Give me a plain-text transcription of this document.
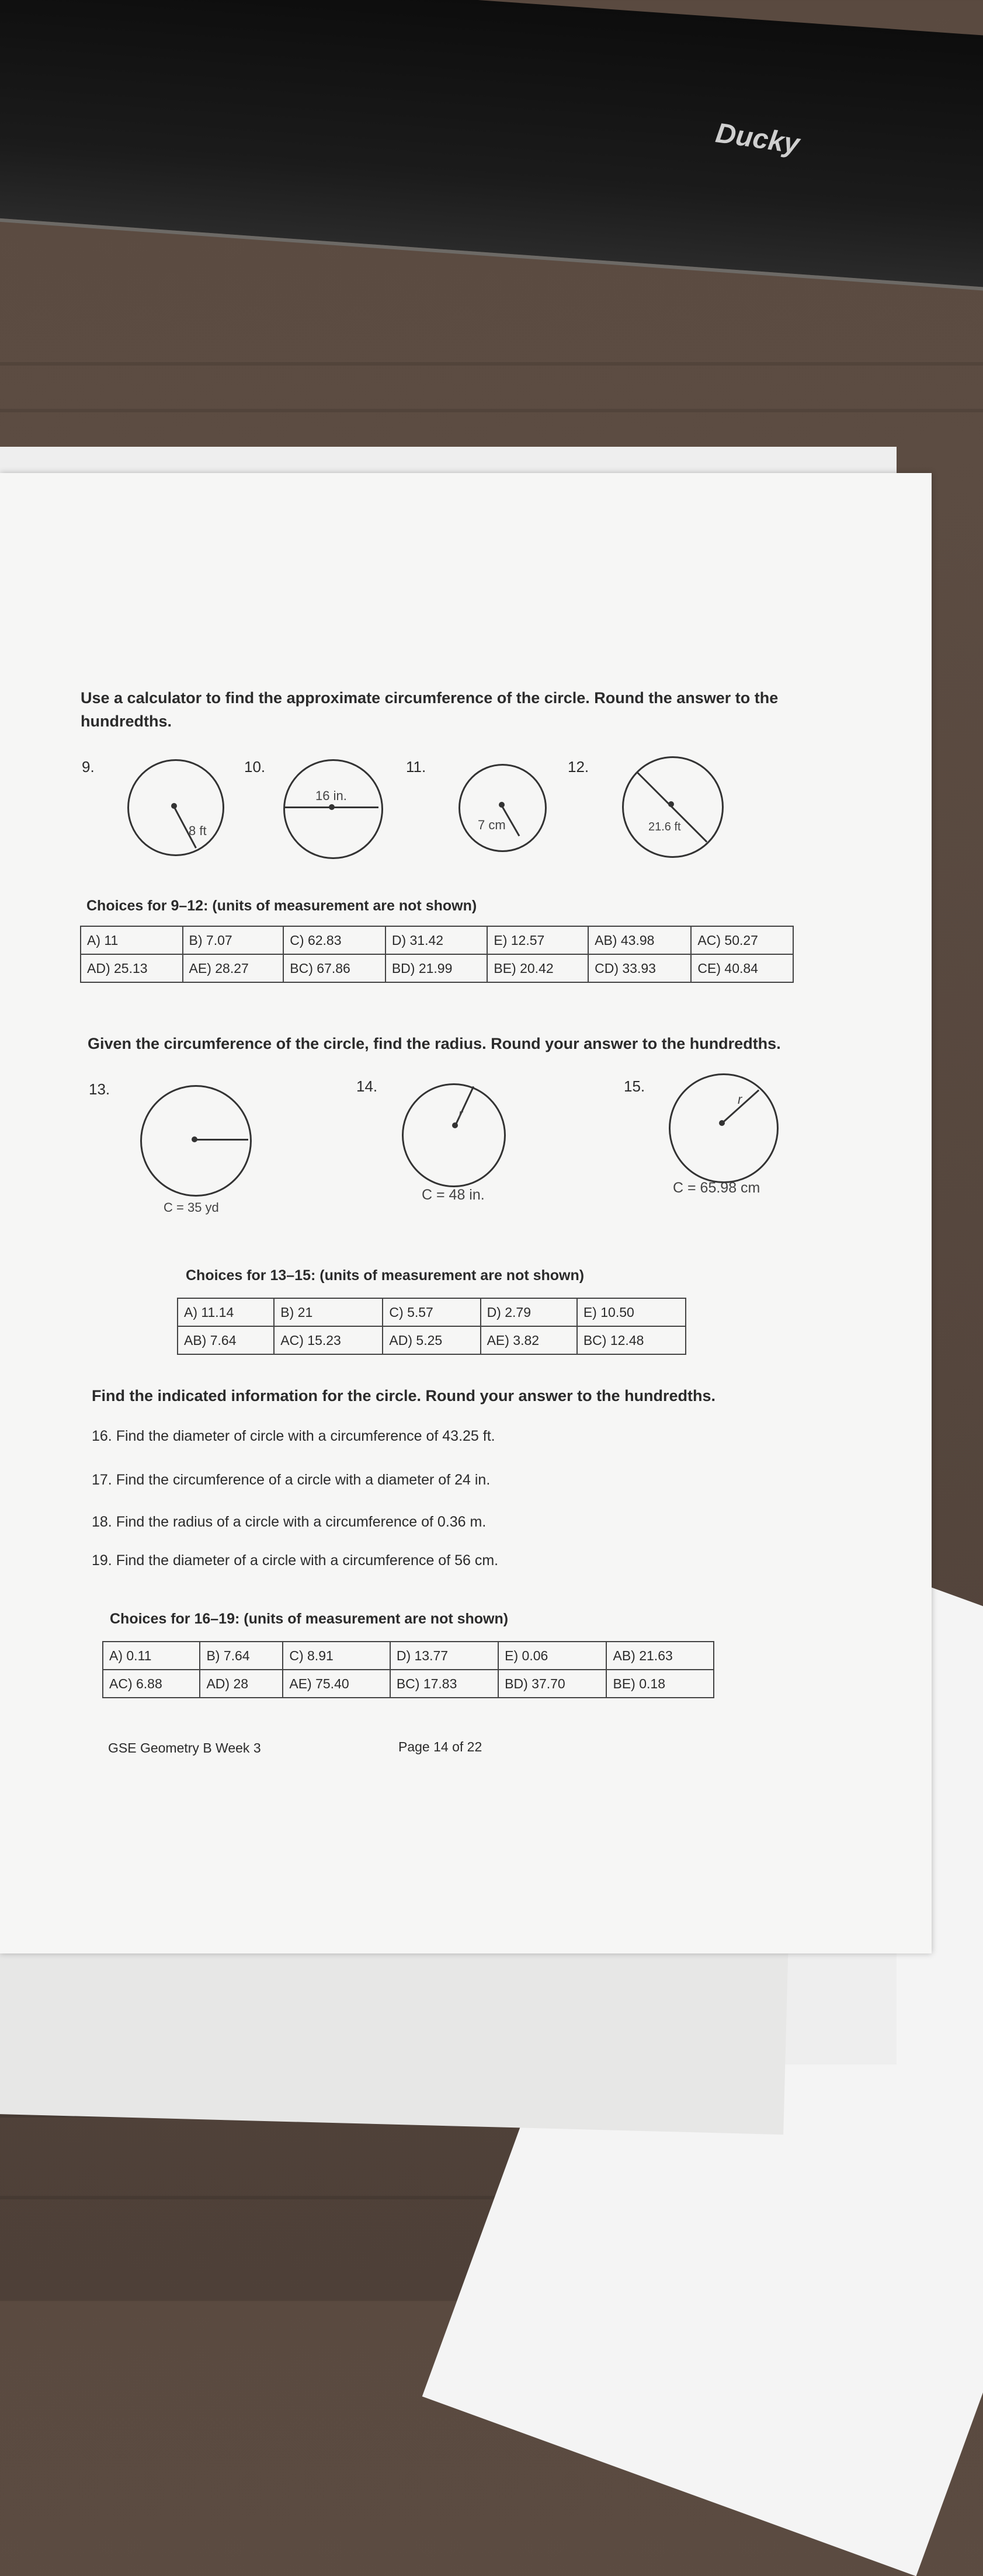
Ducky
Use a calculator to find the approximate circumference of the circle. Round the answer to the hundredths.
9.
8 ft
10.
16 in.
11.
7 cm
12.
21.6 ft
Choices for 9–12: (units of measurement are not shown)
A) 11	B) 7.07	C) 62.83	D) 31.42	E) 12.57	AB) 43.98	AC) 50.27
AD) 25.13	AE) 28.27	BC) 67.86	BD) 21.99	BE) 20.42	CD) 33.93	CE) 40.84
Given the circumference of the circle, find the radius. Round your answer to the hundredths.
13.
C = 35 yd
14.
r
C = 48 in.
15.
r
C = 65.98 cm
Choices for 13–15: (units of measurement are not shown)
A) 11.14	B) 21	C) 5.57	D) 2.79	E) 10.50
AB) 7.64	AC) 15.23	AD) 5.25	AE) 3.82	BC) 12.48
Find the indicated information for the circle. Round your answer to the hundredths.
16. Find the diameter of circle with a circumference of 43.25 ft.
17. Find the circumference of a circle with a diameter of 24 in.
18. Find the radius of a circle with a circumference of 0.36 m.
19. Find the diameter of a circle with a circumference of 56 cm.
Choices for 16–19: (units of measurement are not shown)
A) 0.11	B) 7.64	C) 8.91	D) 13.77	E) 0.06	AB) 21.63
AC) 6.88	AD) 28	AE) 75.40	BC) 17.83	BD) 37.70	BE) 0.18
GSE Geometry B Week 3	Page 14 of 22
